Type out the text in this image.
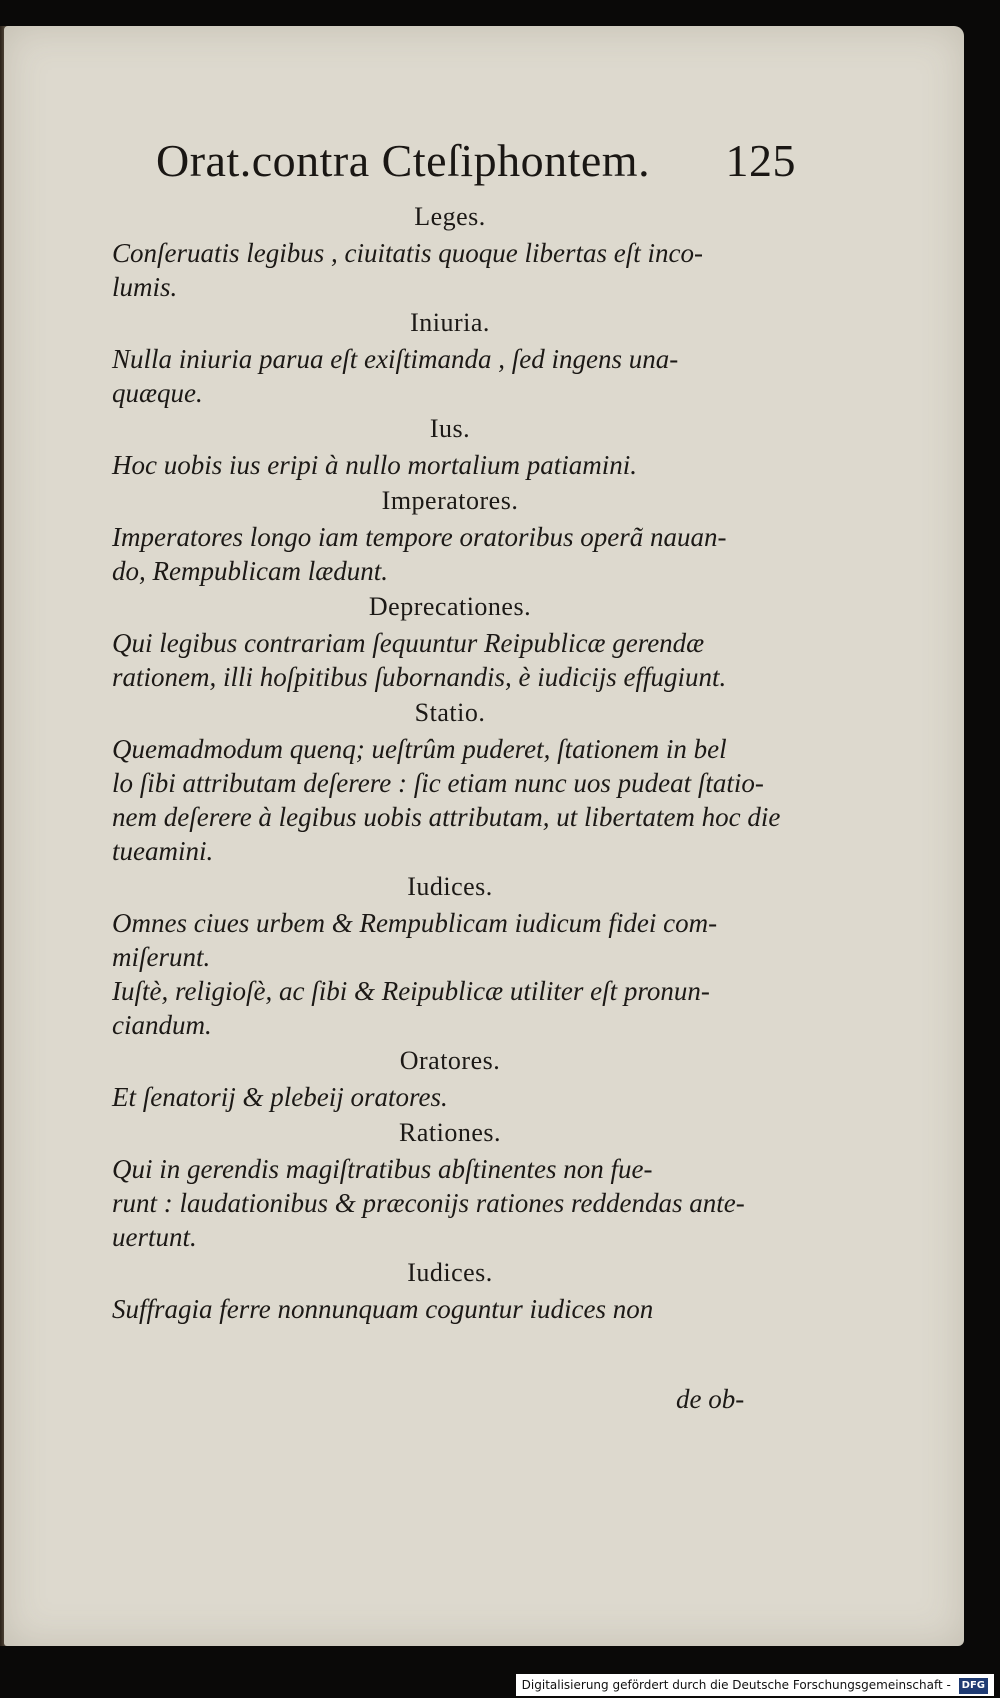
Orat.contra Cteſiphontem. 125
Leges.
Conſeruatis legibus , ciuitatis quoque libertas eſt inco-
lumis.
Iniuria.
Nulla iniuria parua eſt exiſtimanda , ſed ingens una-
quæque.
Ius.
Hoc uobis ius eripi à nullo mortalium patiamini.
Imperatores.
Imperatores longo iam tempore oratoribus operã nauan-
do, Rempublicam lædunt.
Deprecationes.
Qui legibus contrariam ſequuntur Reipublicæ gerendæ
rationem, illi hoſpitibus ſubornandis, è iudicijs effugiunt.
Statio.
Quemadmodum quenq; ueſtrûm puderet, ſtationem in bel
lo ſibi attributam deſerere : ſic etiam nunc uos pudeat ſtatio-
nem deſerere à legibus uobis attributam, ut libertatem hoc die
tueamini.
Iudices.
Omnes ciues urbem & Rempublicam iudicum fidei com-
miſerunt.
Iuſtè, religioſè, ac ſibi & Reipublicæ utiliter eſt pronun-
ciandum.
Oratores.
Et ſenatorij & plebeij oratores.
Rationes.
Qui in gerendis magiſtratibus abſtinentes non fue-
runt : laudationibus & præconijs rationes reddendas ante-
uertunt.
Iudices.
Suffragia ferre nonnunquam coguntur iudices non
de ob-
Digitalisierung gefördert durch die Deutsche Forschungsgemeinschaft - DFG
